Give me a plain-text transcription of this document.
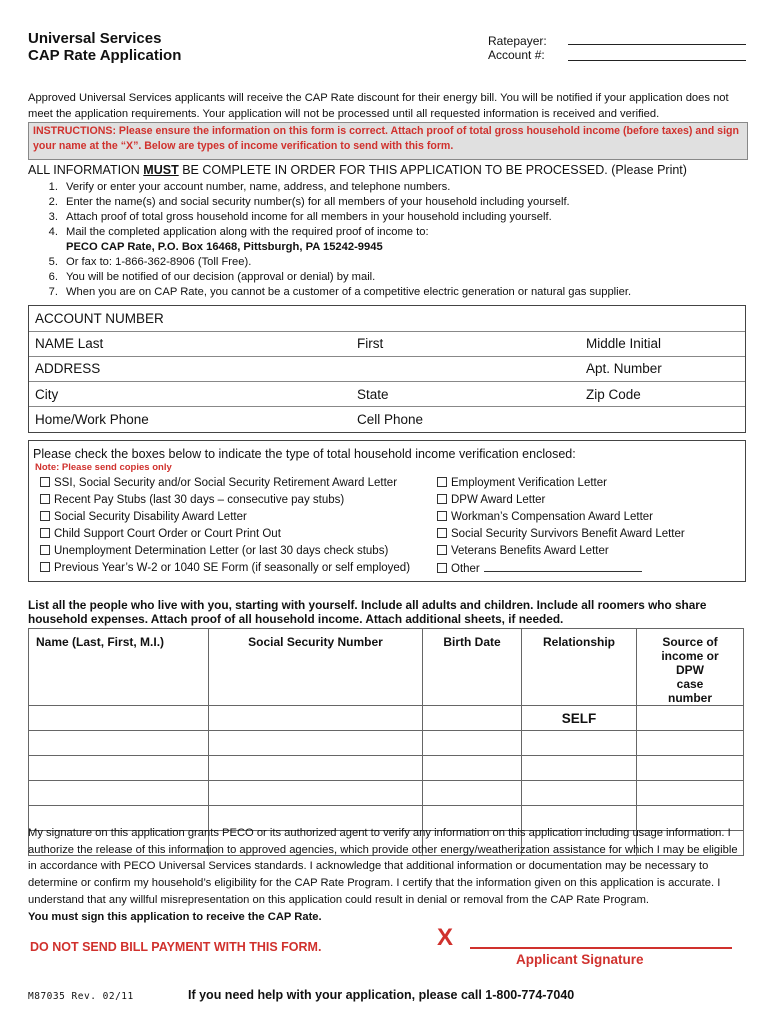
Universal Services
CAP Rate Application
Ratepayer:
Account #:
Approved Universal Services applicants will receive the CAP Rate discount for their energy bill. You will be notified if your application does not meet the application requirements. Your application will not be processed until all requested information is received and verified.
INSTRUCTIONS: Please ensure the information on this form is correct. Attach proof of total gross household income (before taxes) and sign your name at the “X”. Below are types of income verification to send with this form.
ALL INFORMATION MUST BE COMPLETE IN ORDER FOR THIS APPLICATION TO BE PROCESSED. (Please Print)
1. Verify or enter your account number, name, address, and telephone numbers.
2. Enter the name(s) and social security number(s) for all members of your household including yourself.
3. Attach proof of total gross household income for all members in your household including yourself.
4. Mail the completed application along with the required proof of income to:
PECO CAP Rate, P.O. Box 16468, Pittsburgh, PA 15242-9945
5. Or fax to: 1-866-362-8906 (Toll Free).
6. You will be notified of our decision (approval or denial) by mail.
7. When you are on CAP Rate, you cannot be a customer of a competitive electric generation or natural gas supplier.
ACCOUNT NUMBER
NAME Last	First	Middle Initial
ADDRESS	Apt. Number
City	State	Zip Code
Home/Work Phone	Cell Phone
Please check the boxes below to indicate the type of total household income verification enclosed:
Note: Please send copies only
SSI, Social Security and/or Social Security Retirement Award Letter
Recent Pay Stubs (last 30 days – consecutive pay stubs)
Social Security Disability Award Letter
Child Support Court Order or Court Print Out
Unemployment Determination Letter (or last 30 days check stubs)
Previous Year’s W-2 or 1040 SE Form (if seasonally or self employed)
Employment Verification Letter
DPW Award Letter
Workman’s Compensation Award Letter
Social Security Survivors Benefit Award Letter
Veterans Benefits Award Letter
Other
List all the people who live with you, starting with yourself. Include all adults and children. Include all roomers who share household expenses. Attach proof of all household income. Attach additional sheets, if needed.
Name (Last, First, M.I.)	Social Security Number	Birth Date	Relationship	Source of income or DPW case number
			SELF	

My signature on this application grants PECO or its authorized agent to verify any information on this application including usage information. I authorize the release of this information to approved agencies, which provide other energy/weatherization assistance for which I may be eligible in accordance with PECO Universal Services standards. I acknowledge that additional information or documentation may be necessary to determine or confirm my household’s eligibility for the CAP Rate Program. I certify that the information given on this application is accurate. I understand that any willful misrepresentation on this application could result in denial or removal from the CAP Rate Program.
You must sign this application to receive the CAP Rate.
DO NOT SEND BILL PAYMENT WITH THIS FORM.	X
Applicant Signature
M87035 Rev. 02/11	If you need help with your application, please call 1-800-774-7040
